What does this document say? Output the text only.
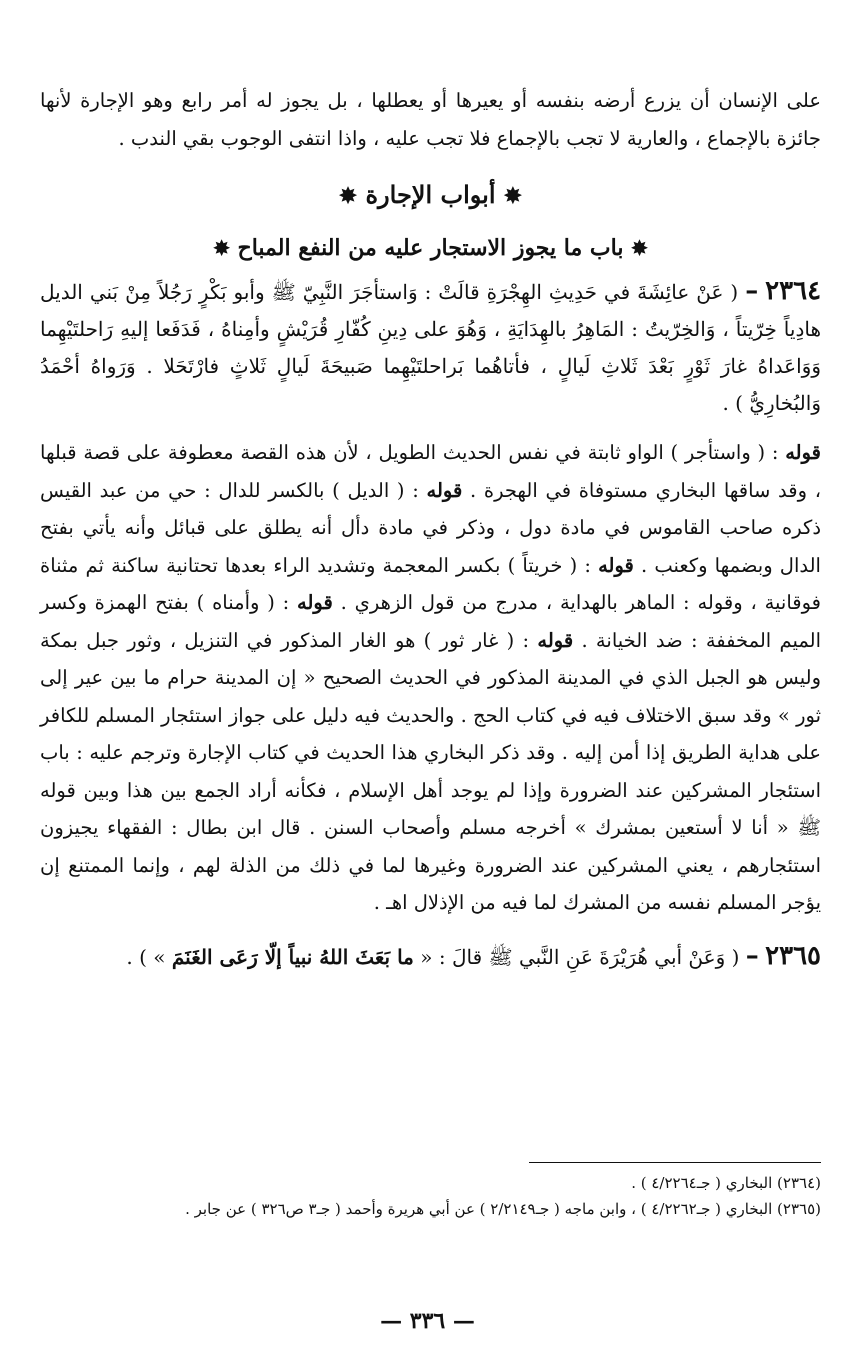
على الإنسان أن يزرع أرضه بنفسه أو يعيرها أو يعطلها ، بل يجوز له أمر رابع وهو الإجارة لأنها جائزة بالإجماع ، والعارية لا تجب بالإجماع فلا تجب عليه ، واذا انتفى الوجوب بقي الندب .

✸ أبواب الإجارة ✸

✸ باب ما يجوز الاستجار عليه من النفع المباح ✸

٢٣٦٤ – ( عَنْ عائِشَةَ في حَدِيثِ الهِجْرَةِ قالَتْ : وَاستأجَرَ النَّبِيّ ﷺ وأبو بَكْرٍ رَجُلاً مِنْ بَني الديل هادِياً خِرّيتاً ، وَالخِرّيتُ : المَاهِرُ بالهِدَايَةِ ، وَهُوَ على دِينِ كُفّارِ قُرَيْشٍ وأمِناهُ ، فَدَفَعا إليهِ رَاحلتَيْهِما وَوَاعَداهُ غارَ ثَوْرٍ بَعْدَ ثَلاثِ لَيالٍ ، فأتاهُما بَراحلتَيْهِما صَبيحَةَ لَيالٍ ثَلاثٍ فارْتَحَلا . وَرَواهُ أحْمَدُ وَالبُخارِيُّ ) .

قوله : ( واستأجر ) الواو ثابتة في نفس الحديث الطويل ، لأن هذه القصة معطوفة على قصة قبلها ، وقد ساقها البخاري مستوفاة في الهجرة . قوله : ( الديل ) بالكسر للدال : حي من عبد القيس ذكره صاحب القاموس في مادة دول ، وذكر في مادة دأل أنه يطلق على قبائل وأنه يأتي بفتح الدال وبضمها وكعنب . قوله : ( خريتاً ) بكسر المعجمة وتشديد الراء بعدها تحتانية ساكنة ثم مثناة فوقانية ، وقوله : الماهر بالهداية ، مدرج من قول الزهري . قوله : ( وأمناه ) بفتح الهمزة وكسر الميم المخففة : ضد الخيانة . قوله : ( غار ثور ) هو الغار المذكور في التنزيل ، وثور جبل بمكة وليس هو الجبل الذي في المدينة المذكور في الحديث الصحيح « إن المدينة حرام ما بين عير إلى ثور » وقد سبق الاختلاف فيه في كتاب الحج . والحديث فيه دليل على جواز استئجار المسلم للكافر على هداية الطريق إذا أمن إليه . وقد ذكر البخاري هذا الحديث في كتاب الإجارة وترجم عليه : باب استئجار المشركين عند الضرورة وإذا لم يوجد أهل الإسلام ، فكأنه أراد الجمع بين هذا وبين قوله ﷺ « أنا لا أستعين بمشرك » أخرجه مسلم وأصحاب السنن . قال ابن بطال : الفقهاء يجيزون استئجارهم ، يعني المشركين عند الضرورة وغيرها لما في ذلك من الذلة لهم ، وإنما الممتنع إن يؤجر المسلم نفسه من المشرك لما فيه من الإذلال اهـ .

٢٣٦٥ – ( وَعَنْ أبي هُرَيْرَةَ عَنِ النَّبي ﷺ قالَ : « ما بَعَثَ اللهُ نبياً إلّا رَعَى الغَنَمَ » ) .

(٢٣٦٤) البخاري ( جـ٤/٢٢٦٤ ) .

(٢٣٦٥) البخاري ( جـ٤/٢٢٦٢ ) ، وابن ماجه ( جـ٢/٢١٤٩ ) عن أبي هريرة وأحمد ( جـ٣ ص٣٢٦ ) عن جابر .

— ٣٣٦ —
